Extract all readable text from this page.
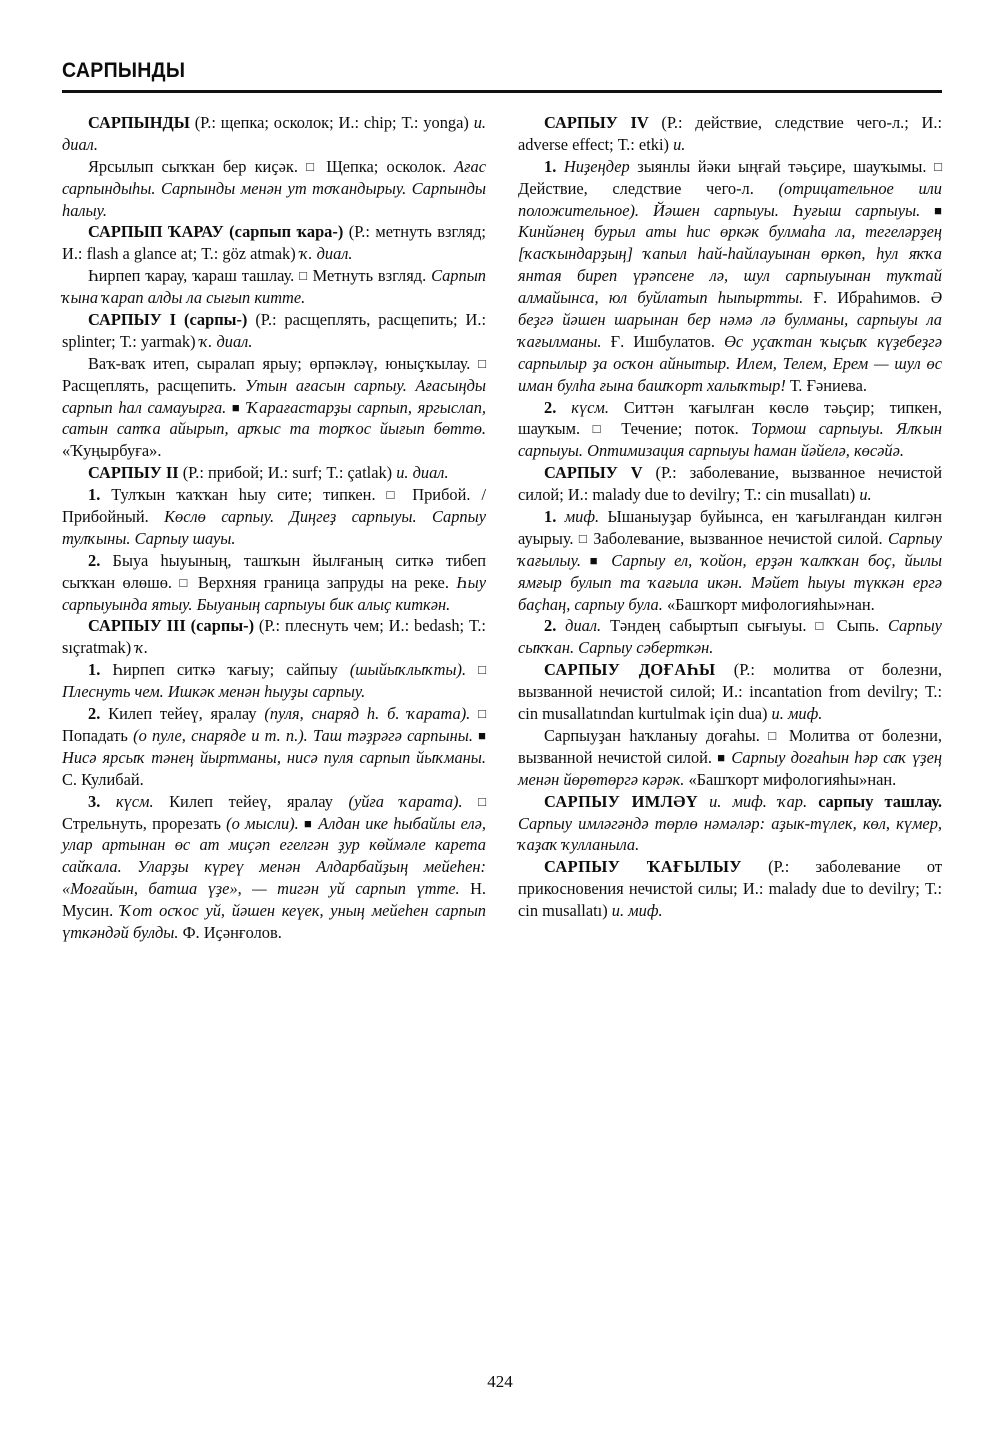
САРПЫНДЫ

САРПЫНДЫ (Р.: щепка; осколок; И.: chip; Т.: yonga) и. диал.

Ярсылып сыҡҡан бер киҫәк. □ Щепка; осколок. Ағас сарпындыһы. Сарпынды менән ут тоҡандырыу. Сарпынды һалыу.

САРПЫП ҠАРАУ (сарпып ҡара-) (Р.: метнуть взгляд; И.: flash a glance at; Т.: göz atmak) ҡ. диал.

Һирпеп ҡарау, ҡараш ташлау. □ Метнуть взгляд. Сарпып ҡына ҡарап алды ла сығып китте.

САРПЫУ I (сарпы-) (Р.: расщеплять, расщепить; И.: splinter; Т.: yarmak) ҡ. диал.

Ваҡ-ваҡ итеп, сыралап ярыу; өрпәкләү, юныҫҡылау. □ Расщеплять, расщепить. Утын ағасын сарпыу. Ағасыңды сарпып һал самауырға. ■ Ҡарағастарҙы сарпып, яргыслап, сатын сатҡа айырып, арҡыс та торҡос йығып бөттө. «Ҡуңырбуға».

САРПЫУ II (Р.: прибой; И.: surf; Т.: çatlak) и. диал.

1. Тулҡын ҡаҡҡан һыу сите; типкен. □ Прибой. / Прибойный. Көслө сарпыу. Диңгеҙ сарпыуы. Сарпыу тулҡыны. Сарпыу шауы.

2. Быуа һыуының, ташҡын йылғаның ситкә тибеп сыҡҡан өлөшө. □ Верхняя граница запруды на реке. Һыу сарпыуында ятыу. Быуаның сарпыуы бик алыҫ киткән.

САРПЫУ III (сарпы-) (Р.: плеснуть чем; И.: bedash; Т.: sıçratmak) ҡ.

1. Һирпеп ситкә ҡағыу; сайпыу (шыйыҡлыҡты). □ Плеснуть чем. Ишкәк менән һыуҙы сарпыу.

2. Килеп тейеү, яралау (пуля, снаряд h. б. ҡарата). □ Попадать (о пуле, снаряде и т. п.). Таш тәҙрәгә сарпыны. ■ Нисә ярсыҡ тәнең йыртманы, нисә пуля сарпып йыҡманы. С. Кулибай.

3. күсм. Килеп тейеү, яралау (уйға ҡарата). □ Стрельнуть, прорезать (о мысли). ■ Алдан ике һыбайлы елә, улар артынан өс ат миҫәп егелгән ҙур көймәле карета сайҡала. Уларҙы күреү менән Алдарбайҙың мейеһен: «Моғайын, батша үҙе», — тигән уй сарпып үтте. Н. Мусин. Ҡот осҡос уй, йәшен кеүек, уның мейеһен сарпып үткәндәй булды. Ф. Иҫәнғолов.

САРПЫУ IV (Р.: действие, следствие чего-л.; И.: adverse effect; Т.: etki) и.

1. Ниҙеңдер зыянлы йәки ыңғай тәьҫире, шауҡымы. □ Действие, следствие чего-л. (отрицательное или положительное). Йәшен сарпыуы. Һуғыш сарпыуы. ■ Кинйәнең бурыл аты һис өркәк булмаһа ла, тегеләрҙең [ҡасҡындарҙың] ҡапыл һай-һайлауынан өркөп, һул яҡҡа янтая биреп үрәпсене лә, шул сарпыуынан туҡтай алмайынса, юл буйлатып һыпыртты. Ғ. Ибраһимов. Ә беҙгә йәшен шарынан бер нәмә лә булманы, сарпыуы ла ҡағылманы. Ғ. Ишбулатов. Өс уҫаҡтан ҡыҫыҡ күҙебеҙгә сарпылыр ҙа осҡон айнытыр. Илем, Телем, Ерем — шул өс иман булһа ғына башҡорт халыҡтыр! Т. Ғәниева.

2. күсм. Ситтән ҡағылған көслө тәьҫир; типкен, шауҡым. □	Течение; поток. Тормош сарпыуы. Ялҡын сарпыуы. Оптимизация сарпыуы һаман йәйелә, көсәйә.

САРПЫУ V (Р.: заболевание, вызванное нечистой силой; И.: malady due to devilry; Т.: cin musallatı) и.

1. миф. Ышаныуҙар буйынса, ен ҡағылғандан килгән ауырыу. □ Заболевание, вызванное нечистой силой. Сарпыу ҡағылыу. ■ Сарпыу ел, ҡойон, ерҙән ҡалҡҡан боҫ, йылы ямғыр булып та ҡағыла икән. Мәйет һыуы түккән ергә баҫһаң, сарпыу була. «Башҡорт мифологияһы»нан.

2. диал. Тәндең сабыртып сығыуы. □ Сыпь. Сарпыу сыҡҡан. Сарпыу сәберткән.

САРПЫУ ДОҒАҺЫ (Р.: молитва от болезни, вызванной нечистой силой; И.: incantation from devilry; Т.: cin musallatından kurtulmak için dua) и. миф.

Сарпыуҙан һаҡланыу доғаһы. □ Молитва от болезни, вызванной нечистой силой. ■ Сарпыу доғаһын һәр саҡ үҙең менән йөрөтөргә кәрәк. «Башҡорт мифологияһы»нан.

САРПЫУ ИМЛӘҮ и. миф. ҡар. сарпыу ташлау. Сарпыу имләгәндә төрлө нәмәләр: аҙык-түлек, көл, күмер, ҡаҙаҡ ҡулланыла.

САРПЫУ ҠАҒЫЛЫУ (Р.: заболевание от прикосновения нечистой силы; И.: malady due to devilry; Т.: cin musallatı) и. миф.

424
